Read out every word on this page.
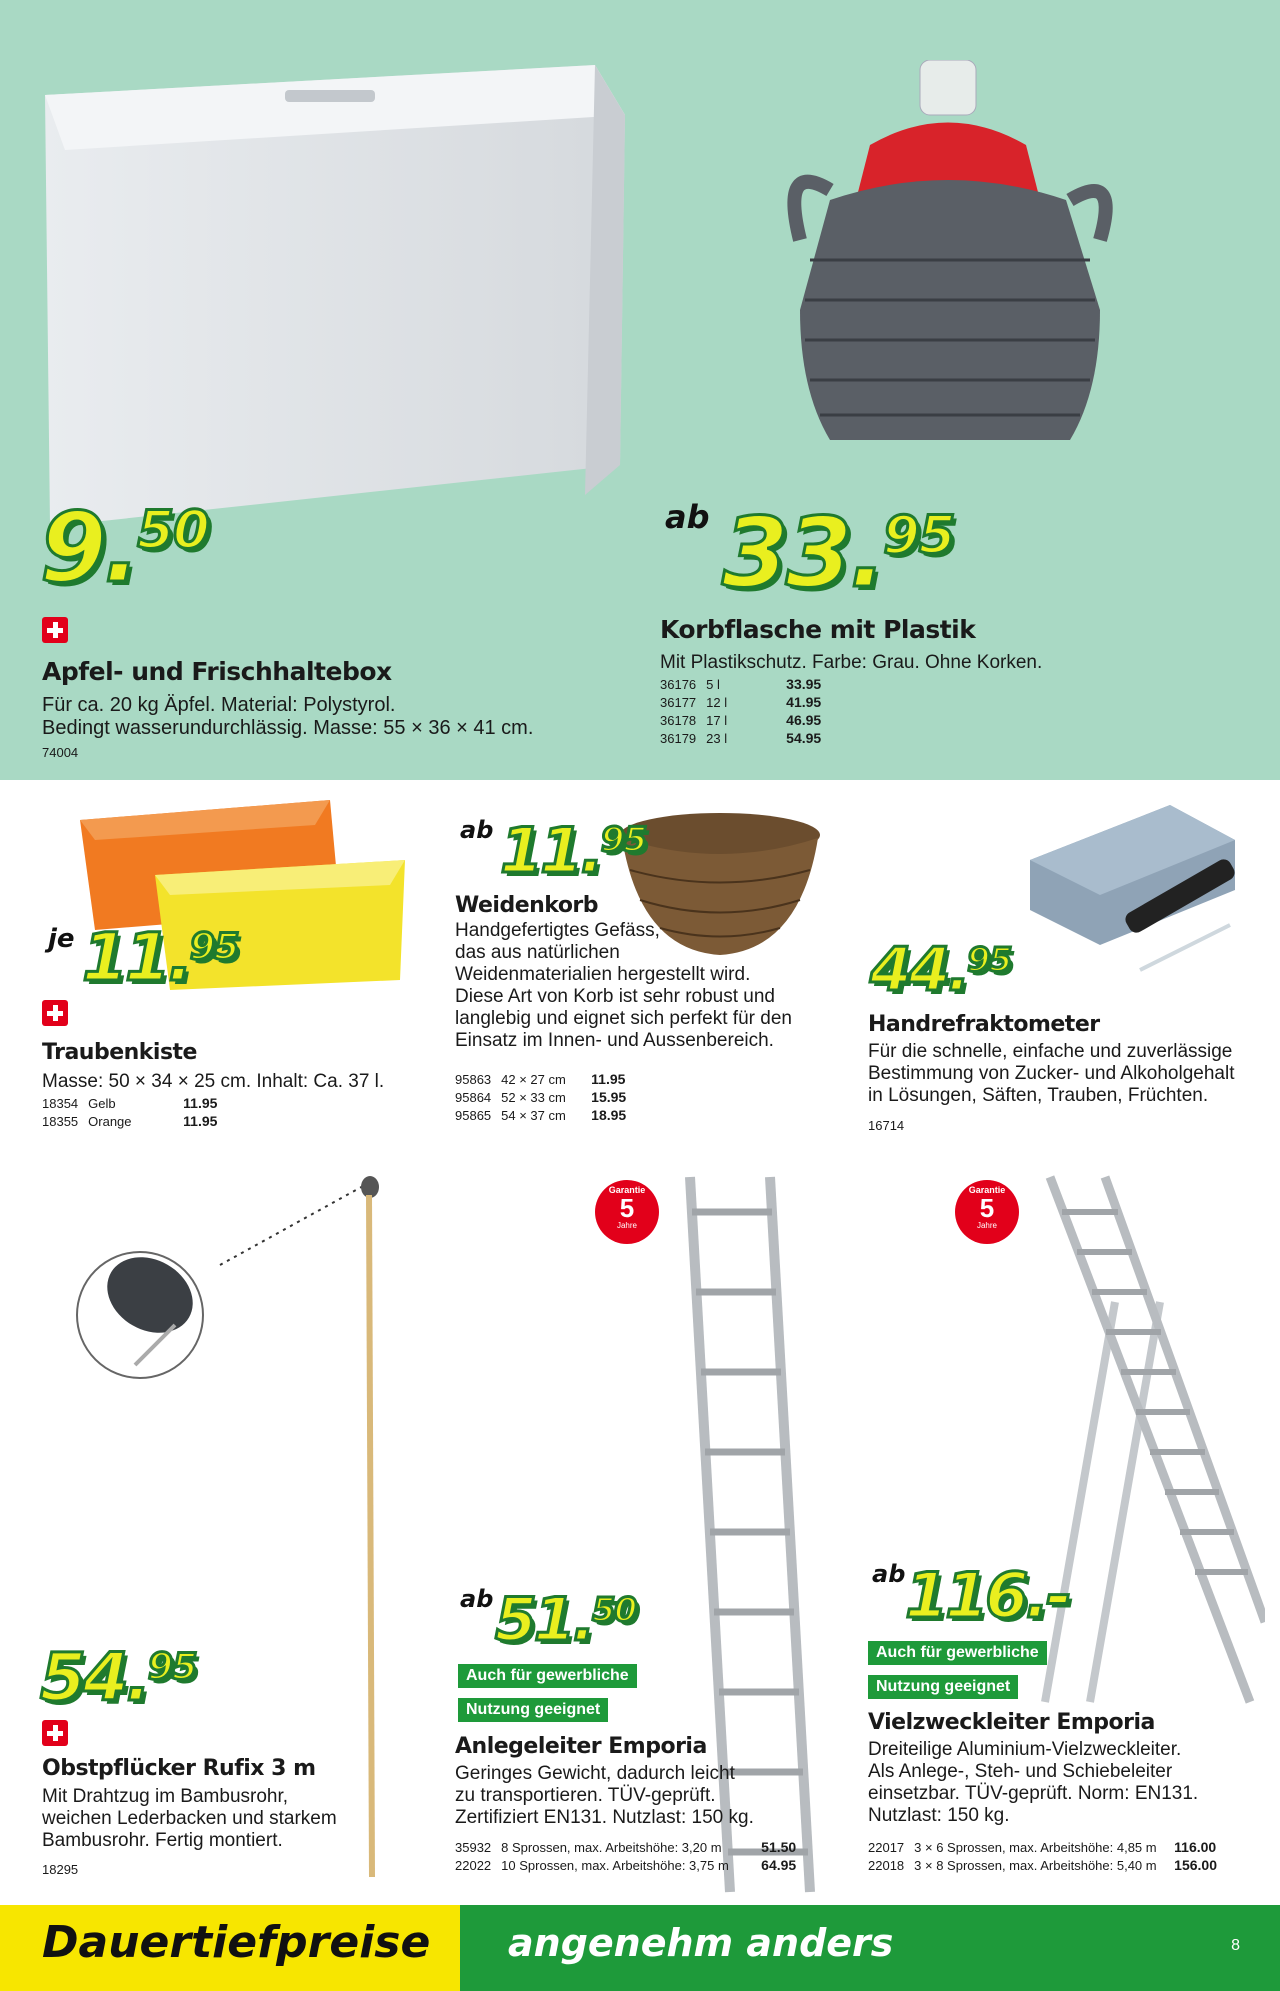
9.50
Apfel- und Frischhaltebox
Für ca. 20 kg Äpfel. Material: Polystyrol.
Bedingt wasserundurchlässig. Masse: 55 × 36 × 41 cm.
74004
ab 33.95
Korbflasche mit Plastik
Mit Plastikschutz. Farbe: Grau. Ohne Korken.
36176	5 l	33.95
36177	12 l	41.95
36178	17 l	46.95
36179	23 l	54.95
je 11.95
Traubenkiste
Masse: 50 × 34 × 25 cm. Inhalt: Ca. 37 l.
18354	Gelb	11.95
18355	Orange	11.95
ab 11.95
Weidenkorb
Handgefertigtes Gefäss,
das aus natürlichen
Weidenmaterialien hergestellt wird.
Diese Art von Korb ist sehr robust und
langlebig und eignet sich perfekt für den
Einsatz im Innen- und Aussenbereich.
95863	42 × 27 cm	11.95
95864	52 × 33 cm	15.95
95865	54 × 37 cm	18.95
44.95
Handrefraktometer
Für die schnelle, einfache und zuverlässige
Bestimmung von Zucker- und Alkoholgehalt
in Lösungen, Säften, Trauben, Früchten.
16714
54.95
Obstpflücker Rufix 3 m
Mit Drahtzug im Bambusrohr,
weichen Lederbacken und starkem
Bambusrohr. Fertig montiert.
18295
Garantie
5
Jahre
ab 51.50
Auch für gewerbliche
Nutzung geeignet
Anlegeleiter Emporia
Geringes Gewicht, dadurch leicht
zu transportieren. TÜV-geprüft.
Zertifiziert EN131. Nutzlast: 150 kg.
35932	8 Sprossen, max. Arbeitshöhe: 3,20 m	51.50
22022	10 Sprossen, max. Arbeitshöhe: 3,75 m	64.95
Garantie
5
Jahre
ab 116.-
Auch für gewerbliche
Nutzung geeignet
Vielzweckleiter Emporia
Dreiteilige Aluminium-Vielzweckleiter.
Als Anlege-, Steh- und Schiebeleiter
einsetzbar. TÜV-geprüft. Norm: EN131.
Nutzlast: 150 kg.
22017	3 × 6 Sprossen, max. Arbeitshöhe: 4,85 m	116.00
22018	3 × 8 Sprossen, max. Arbeitshöhe: 5,40 m	156.00
Dauertiefpreise angenehm anders	8
